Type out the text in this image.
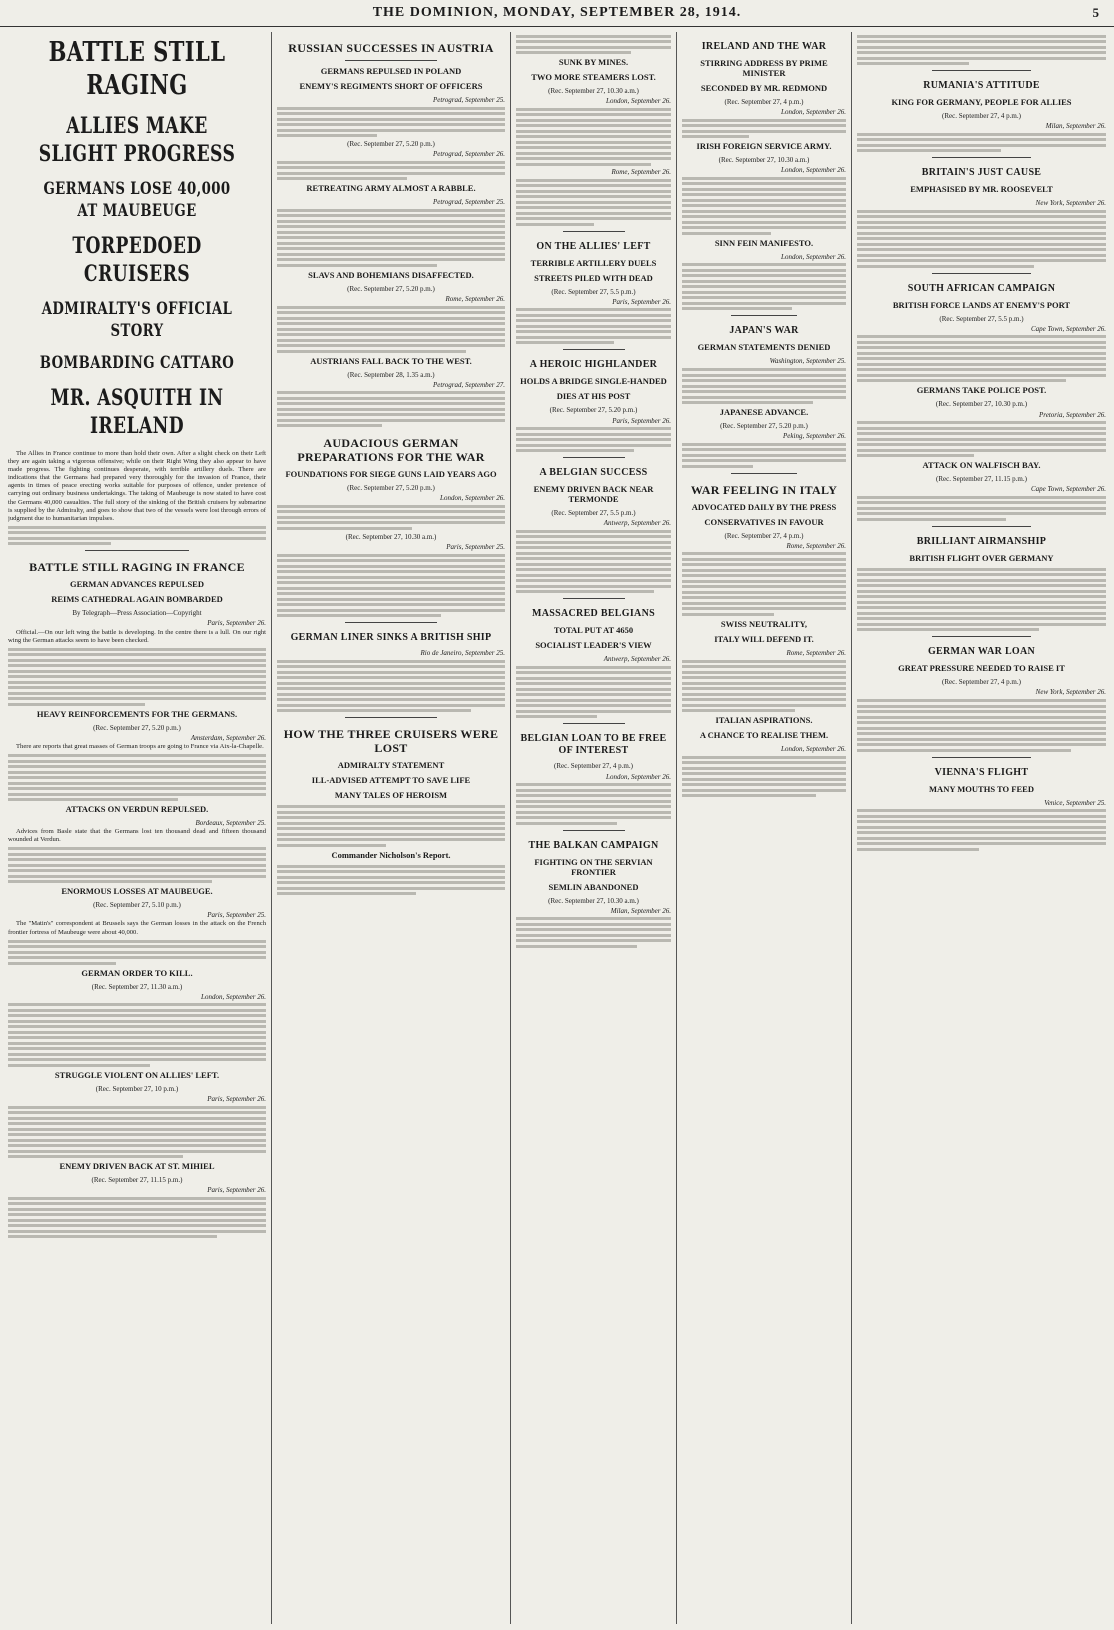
THE DOMINION, MONDAY, SEPTEMBER 28, 1914.	5

BATTLE STILL RAGING

ALLIES MAKE SLIGHT PROGRESS

GERMANS LOSE 40,000 AT MAUBEUGE

TORPEDOED CRUISERS

ADMIRALTY'S OFFICIAL STORY

BOMBARDING CATTARO

MR. ASQUITH IN IRELAND

The Allies in France continue to more than hold their own. After a slight check on their Left they are again taking a vigorous offensive; while on their Right Wing they also appear to have made progress. The fighting continues desperate, with terrible artillery duels. There are indications that the Germans had prepared very thoroughly for the invasion of France, their agents in times of peace erecting works suitable for purposes of offence, under pretence of carrying out ordinary business undertakings. The taking of Maubeuge is now stated to have cost the Germans 40,000 casualties. The full story of the sinking of the British cruisers by submarine is supplied by the Admiralty, and goes to show that two of the vessels were lost through errors of judgment due to humanitarian impulses.

BATTLE STILL RAGING IN FRANCE
GERMAN ADVANCES REPULSED
REIMS CATHEDRAL AGAIN BOMBARDED
By Telegraph—Press Association—Copyright
Paris, September 26.

Official.—On our left wing the battle is developing. In the centre there is a lull. On our right wing the German attacks seem to have been checked.

HEAVY REINFORCEMENTS FOR THE GERMANS.
(Rec. September 27, 5.20 p.m.)
Amsterdam, September 26.

There are reports that great masses of German troops are going to France via Aix-la-Chapelle.

ATTACKS ON VERDUN REPULSED.
Bordeaux, September 25.

Advices from Basle state that the Germans lost ten thousand dead and fifteen thousand wounded at Verdun.

ENORMOUS LOSSES AT MAUBEUGE.
(Rec. September 27, 5.10 p.m.)
Paris, September 25.

The "Matin's" correspondent at Brussels says the German losses in the attack on the French frontier fortress of Maubeuge were about 40,000.

GERMAN ORDER TO KILL.
(Rec. September 27, 11.30 a.m.)
London, September 26.

STRUGGLE VIOLENT ON ALLIES' LEFT.
(Rec. September 27, 10 p.m.)
Paris, September 26.

ENEMY DRIVEN BACK AT ST. MIHIEL
(Rec. September 27, 11.15 p.m.)
Paris, September 26.

RUSSIAN SUCCESSES IN AUSTRIA
GERMANS REPULSED IN POLAND
ENEMY'S REGIMENTS SHORT OF OFFICERS
Petrograd, September 25.

(Rec. September 27, 5.20 p.m.)
Petrograd, September 26.

RETREATING ARMY ALMOST A RABBLE.
Petrograd, September 25.

SLAVS AND BOHEMIANS DISAFFECTED.
(Rec. September 27, 5.20 p.m.)
Rome, September 26.

AUSTRIANS FALL BACK TO THE WEST.
(Rec. September 28, 1.35 a.m.)
Petrograd, September 27.

AUDACIOUS GERMAN PREPARATIONS FOR THE WAR
FOUNDATIONS FOR SIEGE GUNS LAID YEARS AGO
(Rec. September 27, 5.20 p.m.)
London, September 26.

(Rec. September 27, 10.30 a.m.)
Paris, September 25.

GERMAN LINER SINKS A BRITISH SHIP
Rio de Janeiro, September 25.

HOW THE THREE CRUISERS WERE LOST
ADMIRALTY STATEMENT
ILL-ADVISED ATTEMPT TO SAVE LIFE
MANY TALES OF HEROISM

Commander Nicholson's Report.

SUNK BY MINES.
TWO MORE STEAMERS LOST.
(Rec. September 27, 10.30 a.m.)
London, September 26.

Rome, September 26.

ON THE ALLIES' LEFT
TERRIBLE ARTILLERY DUELS
STREETS PILED WITH DEAD
(Rec. September 27, 5.5 p.m.)
Paris, September 26.

A HEROIC HIGHLANDER
HOLDS A BRIDGE SINGLE-HANDED
DIES AT HIS POST
(Rec. September 27, 5.20 p.m.)
Paris, September 26.

A BELGIAN SUCCESS
ENEMY DRIVEN BACK NEAR TERMONDE
(Rec. September 27, 5.5 p.m.)
Antwerp, September 26.

MASSACRED BELGIANS
TOTAL PUT AT 4650
SOCIALIST LEADER'S VIEW
Antwerp, September 26.

BELGIAN LOAN TO BE FREE OF INTEREST
(Rec. September 27, 4 p.m.)
London, September 26.

THE BALKAN CAMPAIGN
FIGHTING ON THE SERVIAN FRONTIER
SEMLIN ABANDONED
(Rec. September 27, 10.30 a.m.)
Milan, September 26.

IRELAND AND THE WAR
STIRRING ADDRESS BY PRIME MINISTER
SECONDED BY MR. REDMOND
(Rec. September 27, 4 p.m.)
London, September 26.

IRISH FOREIGN SERVICE ARMY.
(Rec. September 27, 10.30 a.m.)
London, September 26.

SINN FEIN MANIFESTO.
London, September 26.

JAPAN'S WAR
GERMAN STATEMENTS DENIED
Washington, September 25.

JAPANESE ADVANCE.
(Rec. September 27, 5.20 p.m.)
Peking, September 26.

WAR FEELING IN ITALY
ADVOCATED DAILY BY THE PRESS
CONSERVATIVES IN FAVOUR
(Rec. September 27, 4 p.m.)
Rome, September 26.

SWISS NEUTRALITY,
ITALY WILL DEFEND IT.
Rome, September 26.

ITALIAN ASPIRATIONS.
A CHANCE TO REALISE THEM.
London, September 26.

RUMANIA'S ATTITUDE
KING FOR GERMANY, PEOPLE FOR ALLIES
(Rec. September 27, 4 p.m.)
Milan, September 26.

BRITAIN'S JUST CAUSE
EMPHASISED BY MR. ROOSEVELT
New York, September 26.

SOUTH AFRICAN CAMPAIGN
BRITISH FORCE LANDS AT ENEMY'S PORT
(Rec. September 27, 5.5 p.m.)
Cape Town, September 26.

GERMANS TAKE POLICE POST.
(Rec. September 27, 10.30 p.m.)
Pretoria, September 26.

ATTACK ON WALFISCH BAY.
(Rec. September 27, 11.15 p.m.)
Cape Town, September 26.

BRILLIANT AIRMANSHIP
BRITISH FLIGHT OVER GERMANY

GERMAN WAR LOAN
GREAT PRESSURE NEEDED TO RAISE IT
(Rec. September 27, 4 p.m.)
New York, September 26.

VIENNA'S FLIGHT
MANY MOUTHS TO FEED
Venice, September 25.
